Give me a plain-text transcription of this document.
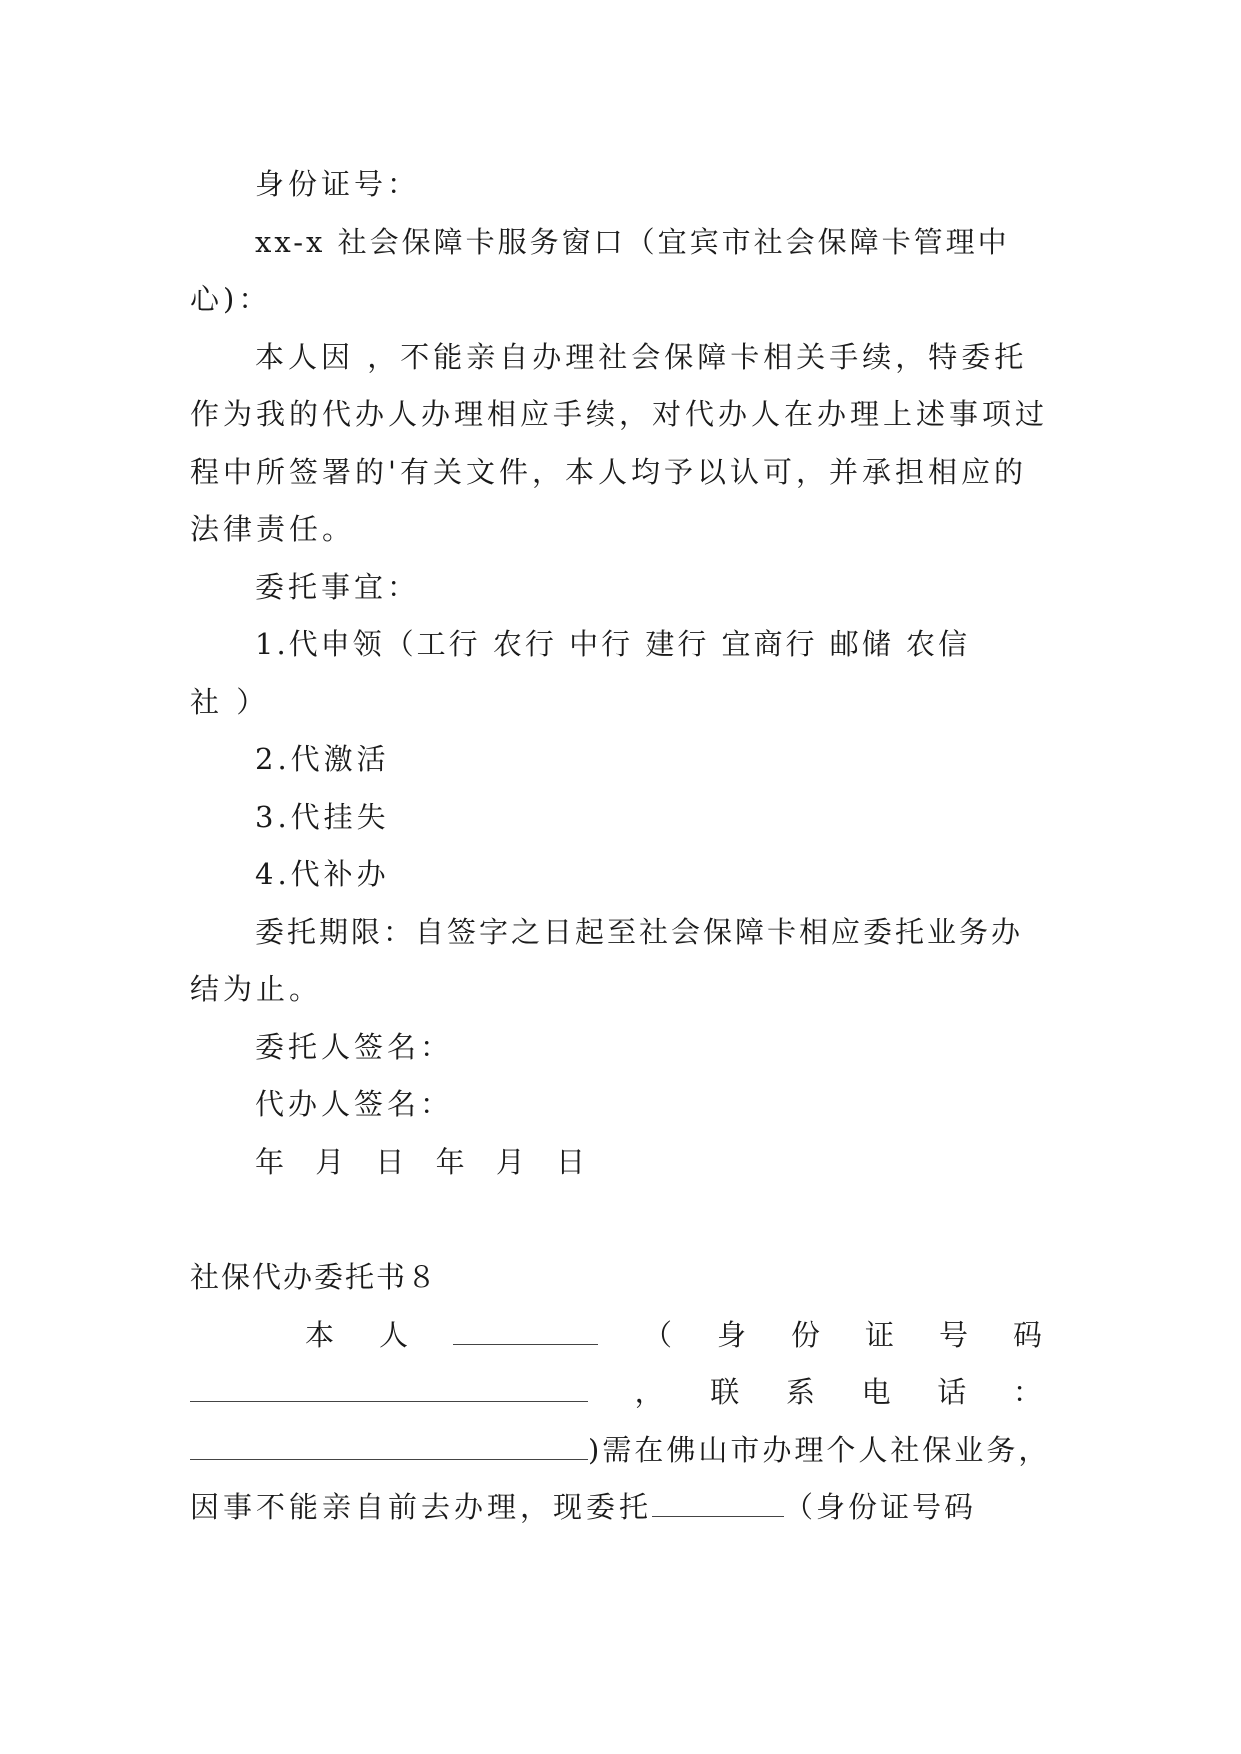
身份证号：
xx-x 社会保障卡服务窗口（宜宾市社会保障卡管理中
心)：
本人因 ，不能亲自办理社会保障卡相关手续，特委托
作为我的代办人办理相应手续，对代办人在办理上述事项过
程中所签署的'有关文件，本人均予以认可，并承担相应的
法律责任。
委托事宜：
1.代申领（工行 农行 中行 建行 宜商行 邮储 农信
社 ）
2.代激活
3.代挂失
4.代补办
委托期限：自签字之日起至社会保障卡相应委托业务办
结为止。
委托人签名：
代办人签名：
年 月 日 年 月 日
社保代办委托书８
本 人	（ 身 份 证 号 码
， 联 系 电 话 ：
)需在佛山市办理个人社保业务，
因事不能亲自前去办理，现委托	（身份证号码
